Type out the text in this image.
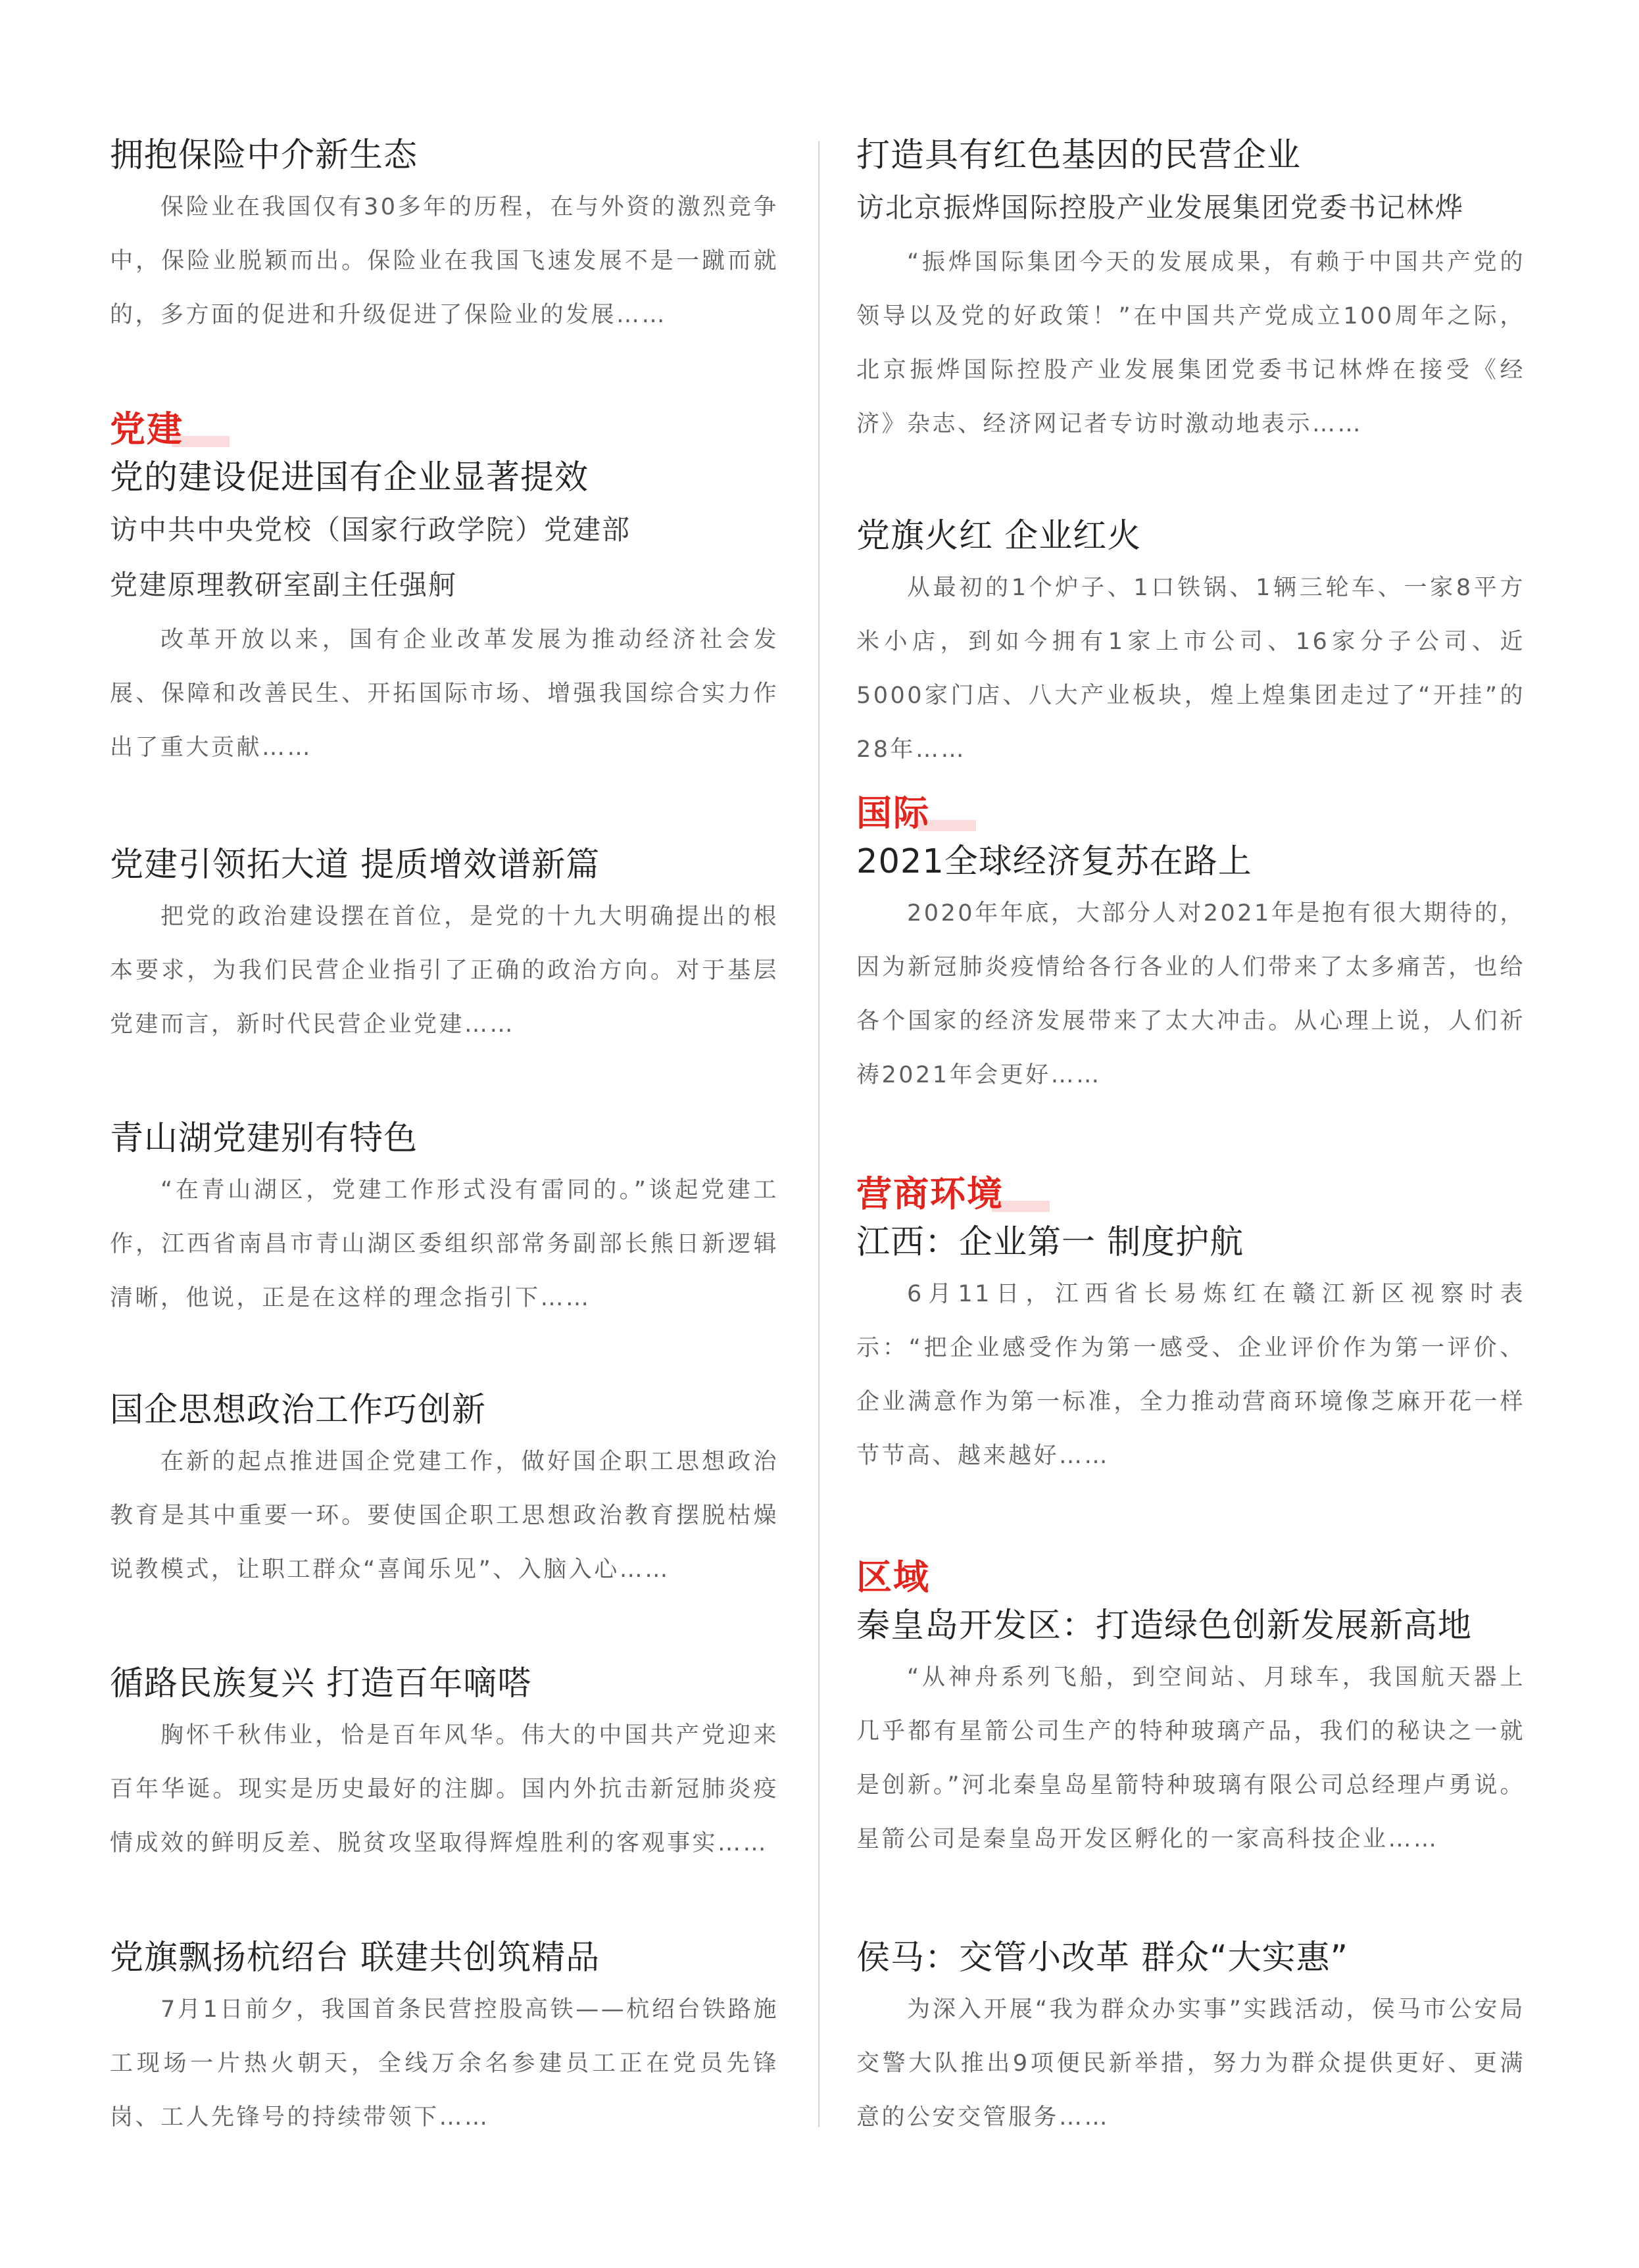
拥抱保险中介新生态

保险业在我国仅有30多年的历程，在与外资的激烈竞争中，保险业脱颖而出。保险业在我国飞速发展不是一蹴而就的，多方面的促进和升级促进了保险业的发展……

党建
党的建设促进国有企业显著提效
访中共中央党校（国家行政学院）党建部
党建原理教研室副主任强舸

改革开放以来，国有企业改革发展为推动经济社会发展、保障和改善民生、开拓国际市场、增强我国综合实力作出了重大贡献……

党建引领拓大道 提质增效谱新篇

把党的政治建设摆在首位，是党的十九大明确提出的根本要求，为我们民营企业指引了正确的政治方向。对于基层党建而言，新时代民营企业党建……

青山湖党建别有特色

“在青山湖区，党建工作形式没有雷同的。”谈起党建工作，江西省南昌市青山湖区委组织部常务副部长熊日新逻辑清晰，他说，正是在这样的理念指引下……

国企思想政治工作巧创新

在新的起点推进国企党建工作，做好国企职工思想政治教育是其中重要一环。要使国企职工思想政治教育摆脱枯燥说教模式，让职工群众“喜闻乐见”、入脑入心……

循路民族复兴 打造百年嘀嗒

胸怀千秋伟业，恰是百年风华。伟大的中国共产党迎来百年华诞。现实是历史最好的注脚。国内外抗击新冠肺炎疫情成效的鲜明反差、脱贫攻坚取得辉煌胜利的客观事实……

党旗飘扬杭绍台 联建共创筑精品

7月1日前夕，我国首条民营控股高铁——杭绍台铁路施工现场一片热火朝天，全线万余名参建员工正在党员先锋岗、工人先锋号的持续带领下……

打造具有红色基因的民营企业
访北京振烨国际控股产业发展集团党委书记林烨

“振烨国际集团今天的发展成果，有赖于中国共产党的领导以及党的好政策！”在中国共产党成立100周年之际，北京振烨国际控股产业发展集团党委书记林烨在接受《经济》杂志、经济网记者专访时激动地表示……

党旗火红 企业红火

从最初的1个炉子、1口铁锅、1辆三轮车、一家8平方米小店，到如今拥有1家上市公司、16家分子公司、近5000家门店、八大产业板块，煌上煌集团走过了“开挂”的28年……

国际
2021全球经济复苏在路上

2020年年底，大部分人对2021年是抱有很大期待的，因为新冠肺炎疫情给各行各业的人们带来了太多痛苦，也给各个国家的经济发展带来了太大冲击。从心理上说，人们祈祷2021年会更好……

营商环境
江西：企业第一 制度护航

6月11日，江西省长易炼红在赣江新区视察时表示：“把企业感受作为第一感受、企业评价作为第一评价、企业满意作为第一标准，全力推动营商环境像芝麻开花一样节节高、越来越好……

区域
秦皇岛开发区：打造绿色创新发展新高地

“从神舟系列飞船，到空间站、月球车，我国航天器上几乎都有星箭公司生产的特种玻璃产品，我们的秘诀之一就是创新。”河北秦皇岛星箭特种玻璃有限公司总经理卢勇说。星箭公司是秦皇岛开发区孵化的一家高科技企业……

侯马：交管小改革 群众“大实惠”

为深入开展“我为群众办实事”实践活动，侯马市公安局交警大队推出9项便民新举措，努力为群众提供更好、更满意的公安交管服务……
